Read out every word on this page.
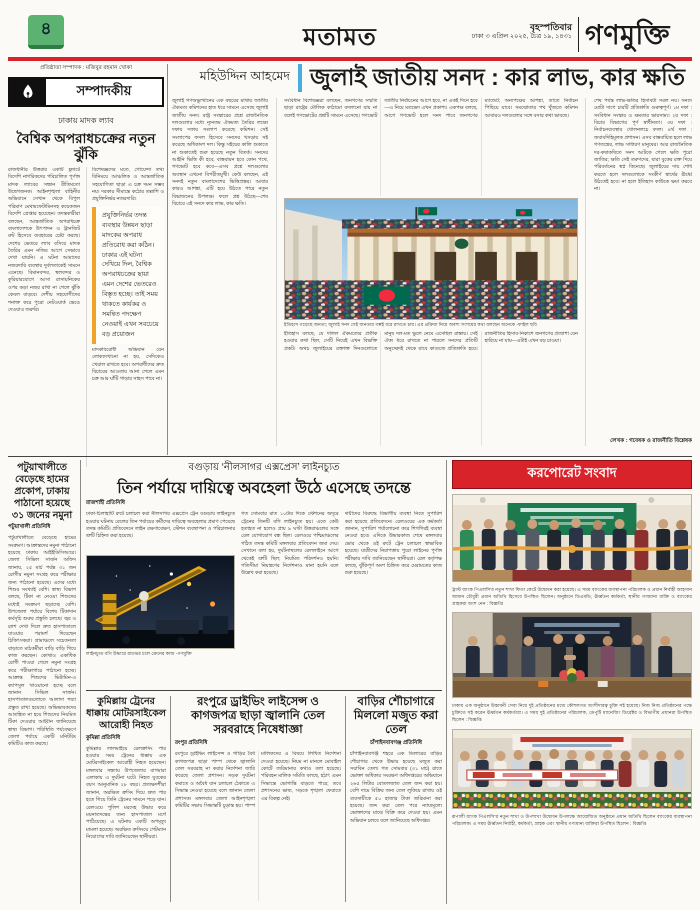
৪	মতামত	বৃহস্পতিবার
ঢাকা ৩ এপ্রিল ২০২৫, চৈত্র ১৯, ১৪৩১ গণমুক্তি
প্রতিষ্ঠাতা সম্পাদক : মজিবুর রহমান খোকা
সম্পাদকীয়
ঢাকায় মাদক ল্যাব
বৈশ্বিক অপরাধচক্রের নতুন ঝুঁকি
রাজধানীর উত্তরার একটি ফ্ল্যাটে বিদেশি নাগরিকদের পরিচালিত পূর্ণাঙ্গ মাদক ল্যাবের সন্ধান রীতিমতো উদ্বেগজনক। আইনশৃঙ্খলা বাহিনীর অভিযানে সেখান থেকে বিপুল পরিমাণ মেথামফেটামিনসহ কয়েকজন বিদেশি গ্রেপ্তার হয়েছেন। তদন্তকারীরা বলছেন, আন্তর্জাতিক অপরাধচক্র বাংলাদেশকে উৎপাদন ও ট্রানজিট রুট হিসেবে ব্যবহারের চেষ্টা করছে। দেশের ভেতরে ল্যাব বসিয়ে মাদক তৈরির এমন নজির আগে সেভাবে দেখা যায়নি। এ ঘটনা আমাদের নজরদারি ব্যবস্থার দুর্বলতাকেই সামনে এনেছে। বিমানবন্দর, স্থলবন্দর ও কুরিয়ারযোগে আসা রাসায়নিকের ওপর কড়া নজর রাখা না গেলে ঝুঁকি কেবল বাড়বে। দেশীয় সহযোগীদের শনাক্ত করে পুরো নেটওয়ার্ক ভেঙে দেওয়াও জরুরি।
বিশেষজ্ঞদের মতে, গোয়েন্দা তথ্য বিনিময়ে আঞ্চলিক ও আন্তর্জাতিক সহযোগিতা ছাড়া এ চক্র দমন সম্ভব নয়। দরকার সীমান্তে কঠোর তল্লাশি ও প্রযুক্তিনির্ভর নজরদারি।
প্রযুক্তিনির্ভর তদন্ত ব্যবস্থার উন্নয়ন ছাড়া মাদকের অপরাধ প্রতিরোধ করা কঠিন। ঢাকার এই ঘটনা দেখিয়ে দিল, বৈশ্বিক অপরাধচক্রের ছায়া এমন দেশের ভেতরেও বিস্তৃত হচ্ছে। তাই সময় থাকতে কার্যকর ও সমন্বিত পদক্ষেপ নেওয়াই এখন সবচেয়ে বড় প্রয়োজন
মাদকবিরোধী অভিযান যেন লোকদেখানো না হয়, সেদিকেও খেয়াল রাখতে হবে। অপরাধীদের দ্রুত বিচারের আওতায় আনা গেলে এমন চক্র আর ঘাঁটি গাড়ার সাহস পাবে না।
মহিউদ্দিন আহমেদ জুলাই জাতীয় সনদ : কার লাভ, কার ক্ষতি
জুলাই গণঅভ্যুত্থানের এক বছরের মাথায় জাতীয় ঐকমত্য কমিশনের হাত ধরে সামনে এসেছে জুলাই জাতীয় সনদ। রাষ্ট্র সংস্কারের প্রশ্নে রাজনৈতিক দলগুলোর মধ্যে ন্যূনতম ঐকমত্য তৈরির লক্ষ্যে দফায় দফায় সংলাপ করেছে কমিশন। সেই সংলাপের ফসল হিসেবে সনদের খসড়ায় সই করেছে অধিকাংশ দল। কিন্তু সইয়ের কালি শুকাতে না শুকাতেই শুরু হয়েছে নতুন বিতর্ক। সনদের আইনি ভিত্তি কী হবে, বাস্তবায়ন হবে কোন পথে, গণভোট হবে কবে—এসব প্রশ্নে দলগুলোর অবস্থান এখনো বিপরীতমুখী। কেউ বলছেন, এই সনদই নতুন বাংলাদেশের ভিত্তিপ্রস্তর। আবার কারও আশঙ্কা, এটি হয়ে উঠতে পারে নতুন বিভাজনের উপলক্ষ। ফলে প্রশ্ন উঠছে—শেষ বিচারে এই সনদে কার লাভ, কার ক্ষতি।
সংবিধান বিশেষজ্ঞরা বলছেন, জনগণের সম্মতি ছাড়া রাষ্ট্রের মৌলিক কাঠামো বদলানো যায় না বলেই গণভোটের প্রশ্নটি সামনে এসেছে। গণভোট জাতীয় নির্বাচনের আগে হবে, না একই দিনে হবে—এ নিয়ে মতভেদ এখন প্রকাশ্য। একপক্ষ বলছে, আগে গণভোট হলে সনদ পাবে জনগণের ম্যান্ডেট; অন্যপক্ষের আশঙ্কা, তাতে নির্বাচন পিছিয়ে যাবে। সমঝোতার পথ খুঁজতে কমিশন আবারও দলগুলোর সঙ্গে বসার কথা ভাবছে।
ইতিহাস গড়েছে জনতা; জুলাই সনদ সেই জনতার গল্পই ধরে রাখতে চায়। এর প্রক্রিয়া নিয়ে অবশ্য সংশয়ের কথা বলছেন অনেকে -ফাইল ছবি
ইতিহাস বলছে, যে দলিল ঐকমত্যের প্রতীক হওয়ার কথা ছিল, সেটি নিয়েই এখন বিভক্তি প্রকট। অথচ জুলাইয়ের রক্তাক্ত দিনগুলোতে মানুষ দল-মত ভুলে নেমে এসেছিল রাস্তায়। সেই ঐক্য ধরে রাখতে না পারলে সনদের প্রতিটি অনুচ্ছেদই থেকে যাবে কাগুজে প্রতিশ্রুতি হয়ে। রাজনীতির হিসাব-নিকাশে জনগণের প্রত্যাশা যেন হারিয়ে না যায়—এটাই এখন বড় চাওয়া।
শেষ পর্যন্ত লাভ-ক্ষতির হিসাবটা সরল নয়। সনদে মোটা দাগে চারটি প্রতিশ্রুতি গুরুত্বপূর্ণ। ১ম দফা : সংবিধান সংস্কার ও ক্ষমতার ভারসাম্য। ২য় দফা : বিচার বিভাগের পূর্ণ স্বাধীনতা। ৩য় দফা : নির্বাচনব্যবস্থার খোলনলচে বদল। ৪র্থ দফা : জবাবদিহিমূলক প্রশাসন। এসব বাস্তবায়িত হলে লাভ গণতন্ত্রের, লাভ সাধারণ মানুষের। আর রাজনৈতিক দর-কষাকষিতে সনদ আটকে গেলে ক্ষতি পুরো জাতির; ক্ষতি সেই তরুণদের, যারা বুকের রক্ত দিয়ে পরিবর্তনের স্বপ্ন কিনেছে। জুলাইয়ের দায় শোধ করতে হলে দলগুলোকে সংকীর্ণ স্বার্থের ঊর্ধ্বে উঠতেই হবে। না হলে ইতিহাস কাউকে ক্ষমা করবে না।
লেখক : গবেষক ও রাজনীতি বিশ্লেষক
পটুয়াখালীতে বেড়েছে হামের প্রকোপ, ঢাকায় পাঠানো হয়েছে ৩১ জনের নমুনা
পটুয়াখালী প্রতিনিধি
পটুয়াখালীতে বেড়েছে হামের সংক্রমণ। আক্রান্তদের নমুনা পাঠানো হয়েছে ঢাকায় আইইডিসিআরে। জেলা সিভিল সার্জন অফিস জানায়, ২৫ মার্চ পর্যন্ত ৩১ জন রোগীর নমুনা সংগ্রহ করে পরীক্ষার জন্য পাঠানো হয়েছে। এদের মধ্যে শিশুর সংখ্যাই বেশি। স্বাস্থ্য বিভাগ বলছে, টিকা না নেওয়া শিশুদের মধ্যেই সংক্রমণ ছড়াচ্ছে বেশি। উপজেলা পর্যায়ে বিশেষ টিকাদান কর্মসূচি শুরুর প্রস্তুতি চলছে। জ্বর ও র‌্যাশ দেখা দিলে দ্রুত হাসপাতালে যাওয়ার পরামর্শ দিয়েছেন চিকিৎসকরা। গ্রামাঞ্চলে সচেতনতা বাড়াতে মাঠকর্মীরা বাড়ি বাড়ি গিয়ে কাজ করছেন। কোথাও একাধিক রোগী পাওয়া গেলে নমুনা সংগ্রহ করে পরীক্ষাগারে পাঠানো হচ্ছে। আক্রান্ত শিশুদের ভিটামিন-এ ক্যাপসুল খাওয়ানো হচ্ছে বলে জানান সিভিল সার্জন। হাসপাতালগুলোতে আলাদা শয্যা প্রস্তুত রাখা হয়েছে। অভিভাবকদের আতঙ্কিত না হয়ে শিশুদের নিয়মিত টিকা দেওয়ার আহ্বান জানিয়েছে স্বাস্থ্য বিভাগ। পরিস্থিতি পর্যবেক্ষণে জেলা পর্যায়ে একটি মনিটরিং কমিটিও কাজ করছে।
বগুড়ায় ‘নীলসাগর এক্সপ্রেস’ লাইনচ্যুত
তিন পর্যায়ে দায়িত্বে অবহেলা উঠে এসেছে তদন্তে
রাজশাহী প্রতিনিধি
ঢাকা-চিলাহাটি রুটে চলাচল করা নীলসাগর এক্সপ্রেস ট্রেন বগুড়ায় লাইনচ্যুত হওয়ার ঘটনায় রেলের তিন পর্যায়ের কর্মীদের দায়িত্বে অবহেলার প্রমাণ পেয়েছে তদন্ত কমিটি। প্রতিবেদনে লাইন রক্ষণাবেক্ষণ, স্টেশন ব্যবস্থাপনা ও পরিচালনার ত্রুটি চিহ্নিত করা হয়েছে।
লাইনচ্যুত বগি উদ্ধারে রাতভর চলে ক্রেনের কাজ -গণমুক্তি
গত সোমবার রাত ১০টার দিকে স্টেশনের অদূরে ট্রেনের তিনটি বগি লাইনচ্যুত হয়। এতে কেউ হতাহত না হলেও প্রায় ৯ ঘণ্টা উত্তরাঞ্চলের সঙ্গে রেল যোগাযোগ বন্ধ ছিল। রেলওয়ে পশ্চিমাঞ্চলের গঠিত তদন্ত কমিটি মঙ্গলবার প্রতিবেদন জমা দেয়। সেখানে বলা হয়, দুর্ঘটনাস্থলের রেললাইনে আগে থেকেই ত্রুটি ছিল; নিয়মিত পরিদর্শনও হয়নি। গতিসীমা নিয়ন্ত্রণের নির্দেশনাও মানা হয়নি বলে উল্লেখ করা হয়েছে।
দায়ীদের বিরুদ্ধে বিভাগীয় ব্যবস্থা নিতে সুপারিশ করা হয়েছে প্রতিবেদনে। রেলওয়ের এক কর্মকর্তা জানান, সুপারিশ পর্যালোচনা করে শিগগিরই ব্যবস্থা নেওয়া হবে। এদিকে উদ্ধারকাজ শেষে মঙ্গলবার ভোর থেকে ওই রুটে ট্রেন চলাচল স্বাভাবিক হয়েছে। যাত্রীদের নিরাপত্তায় পুরো লাইনের পূর্ণাঙ্গ পরীক্ষার দাবি জানিয়েছেন স্থানীয়রা। রেল কর্তৃপক্ষ বলছে, ঝুঁকিপূর্ণ অংশ চিহ্নিত করে মেরামতের কাজ শুরু হয়েছে।
কুমিল্লায় ট্রেনের ধাক্কায় মোটরসাইকেল আরোহী নিহত
কুমিল্লা প্রতিনিধি
কুমিল্লার লালমাইয়ে রেলক্রসিং পার হওয়ার সময় ট্রেনের ধাক্কায় এক মোটরসাইকেল আরোহী নিহত হয়েছেন। মঙ্গলবার সন্ধ্যায় উপজেলার বাগমারা এলাকায় এ দুর্ঘটনা ঘটে। নিহত যুবকের বয়স আনুমানিক ২৮ বছর। প্রত্যক্ষদর্শীরা জানান, অরক্ষিত ক্রসিং দিয়ে দ্রুত পার হতে গিয়ে তিনি ট্রেনের সামনে পড়ে যান। রেলওয়ে পুলিশ মরদেহ উদ্ধার করে ময়নাতদন্তের জন্য হাসপাতাল মর্গে পাঠিয়েছে। এ ঘটনায় একটি অপমৃত্যু মামলা হয়েছে। অরক্ষিত ক্রসিংয়ে গেটম্যান নিয়োগের দাবি জানিয়েছেন স্থানীয়রা।
রংপুরে ড্রাইভিং লাইসেন্স ও কাগজপত্র ছাড়া জ্বালানি তেল সরবরাহে নিষেধাজ্ঞা
রংপুর প্রতিনিধি
রংপুরে ড্রাইভিং লাইসেন্স ও গাড়ির বৈধ কাগজপত্র ছাড়া পাম্প থেকে জ্বালানি তেল সরবরাহ না করার নির্দেশনা জারি করেছে জেলা প্রশাসন। সড়ক দুর্ঘটনা কমাতে ও অবৈধ যান চলাচল ঠেকাতে এ সিদ্ধান্ত নেওয়া হয়েছে বলে জানান জেলা প্রশাসক। মঙ্গলবার জেলা আইনশৃঙ্খলা কমিটির সভায় সিদ্ধান্তটি চূড়ান্ত হয়। পাম্প মালিকদের এ বিষয়ে লিখিত নির্দেশনা দেওয়া হয়েছে। নিয়ম না মানলে মোবাইল কোর্টে জরিমানার কথাও বলা হয়েছে। পরিবহন মালিক সমিতি বলছে, হঠাৎ এমন সিদ্ধান্তে ভোগান্তি বাড়তে পারে; তবে প্রশাসনের ভাষ্য, সড়কে শৃঙ্খলা ফেরাতে এর বিকল্প নেই।
বাড়ির শৌচাগারে মিললো মজুত করা তেল
চাঁপাইনবাবগঞ্জ প্রতিনিধি
চাঁপাইনবাবগঞ্জ শহরে এক ডিলারের বাড়ির শৌচাগার থেকে উদ্ধার হয়েছে মজুত করা সয়াবিন তেল। গত সোমবার (৩১ মার্চ) রাতে ভোক্তা অধিকার সংরক্ষণ অধিদপ্তরের অভিযানে ২৬৫ লিটার বোতলজাত তেল জব্দ করা হয়। বেশি দামে বিক্রির জন্য তেল লুকিয়ে রাখায় ওই ব্যবসায়ীকে ৫০ হাজার টাকা জরিমানা করা হয়েছে। জব্দ করা তেল পরে ন্যায্যমূল্যে ভোক্তাদের মাঝে বিক্রি করে দেওয়া হয়। এমন অভিযান চলবে বলে জানিয়েছে অধিদপ্তর।
করপোরেট সংবাদ
ট্রাস্ট ব্যাংক পিএলসি’র নতুন শাখা ফিতা কেটে উদ্বোধন করা হয়েছে। এ সময় ব্যাংকের ব্যবস্থাপনা পরিচালক ও প্রধান নির্বাহী আহসান জামান চৌধুরী প্রধান অতিথি হিসেবে উপস্থিত ছিলেন। অনুষ্ঠানে ডিএমডি, ঊর্ধ্বতন কর্মকর্তা, স্থানীয় গণ্যমান্য ব্যক্তি ও ব্যাংকের গ্রাহকরা অংশ নেন : বিজ্ঞপ্তি
ঢাকায় এক অনুষ্ঠানে উদ্ভাবনী সেবা নিয়ে দুই প্রতিষ্ঠানের মধ্যে কৌশলগত অংশীদারত্ব চুক্তি সই হয়েছে। নিজ নিজ প্রতিষ্ঠানের পক্ষে চুক্তিতে সই করেন ঊর্ধ্বতন কর্মকর্তারা। এ সময় দুই প্রতিষ্ঠানের পরিচালক, ডেপুটি ম্যানেজিং ডিরেক্টর ও বিভাগীয় প্রধানরা উপস্থিত ছিলেন : বিজ্ঞপ্তি
রূপালী ব্যাংক পিএলসি’র নতুন শাখা ও উপশাখা উদ্বোধন উপলক্ষে আয়োজিত অনুষ্ঠানে প্রধান অতিথি ছিলেন ব্যাংকের ব্যবস্থাপনা পরিচালক। এ সময় ঊর্ধ্বতন নির্বাহী, কর্মকর্তা, গ্রাহক এবং স্থানীয় গণ্যমান্য ব্যক্তিরা উপস্থিত ছিলেন : বিজ্ঞপ্তি
